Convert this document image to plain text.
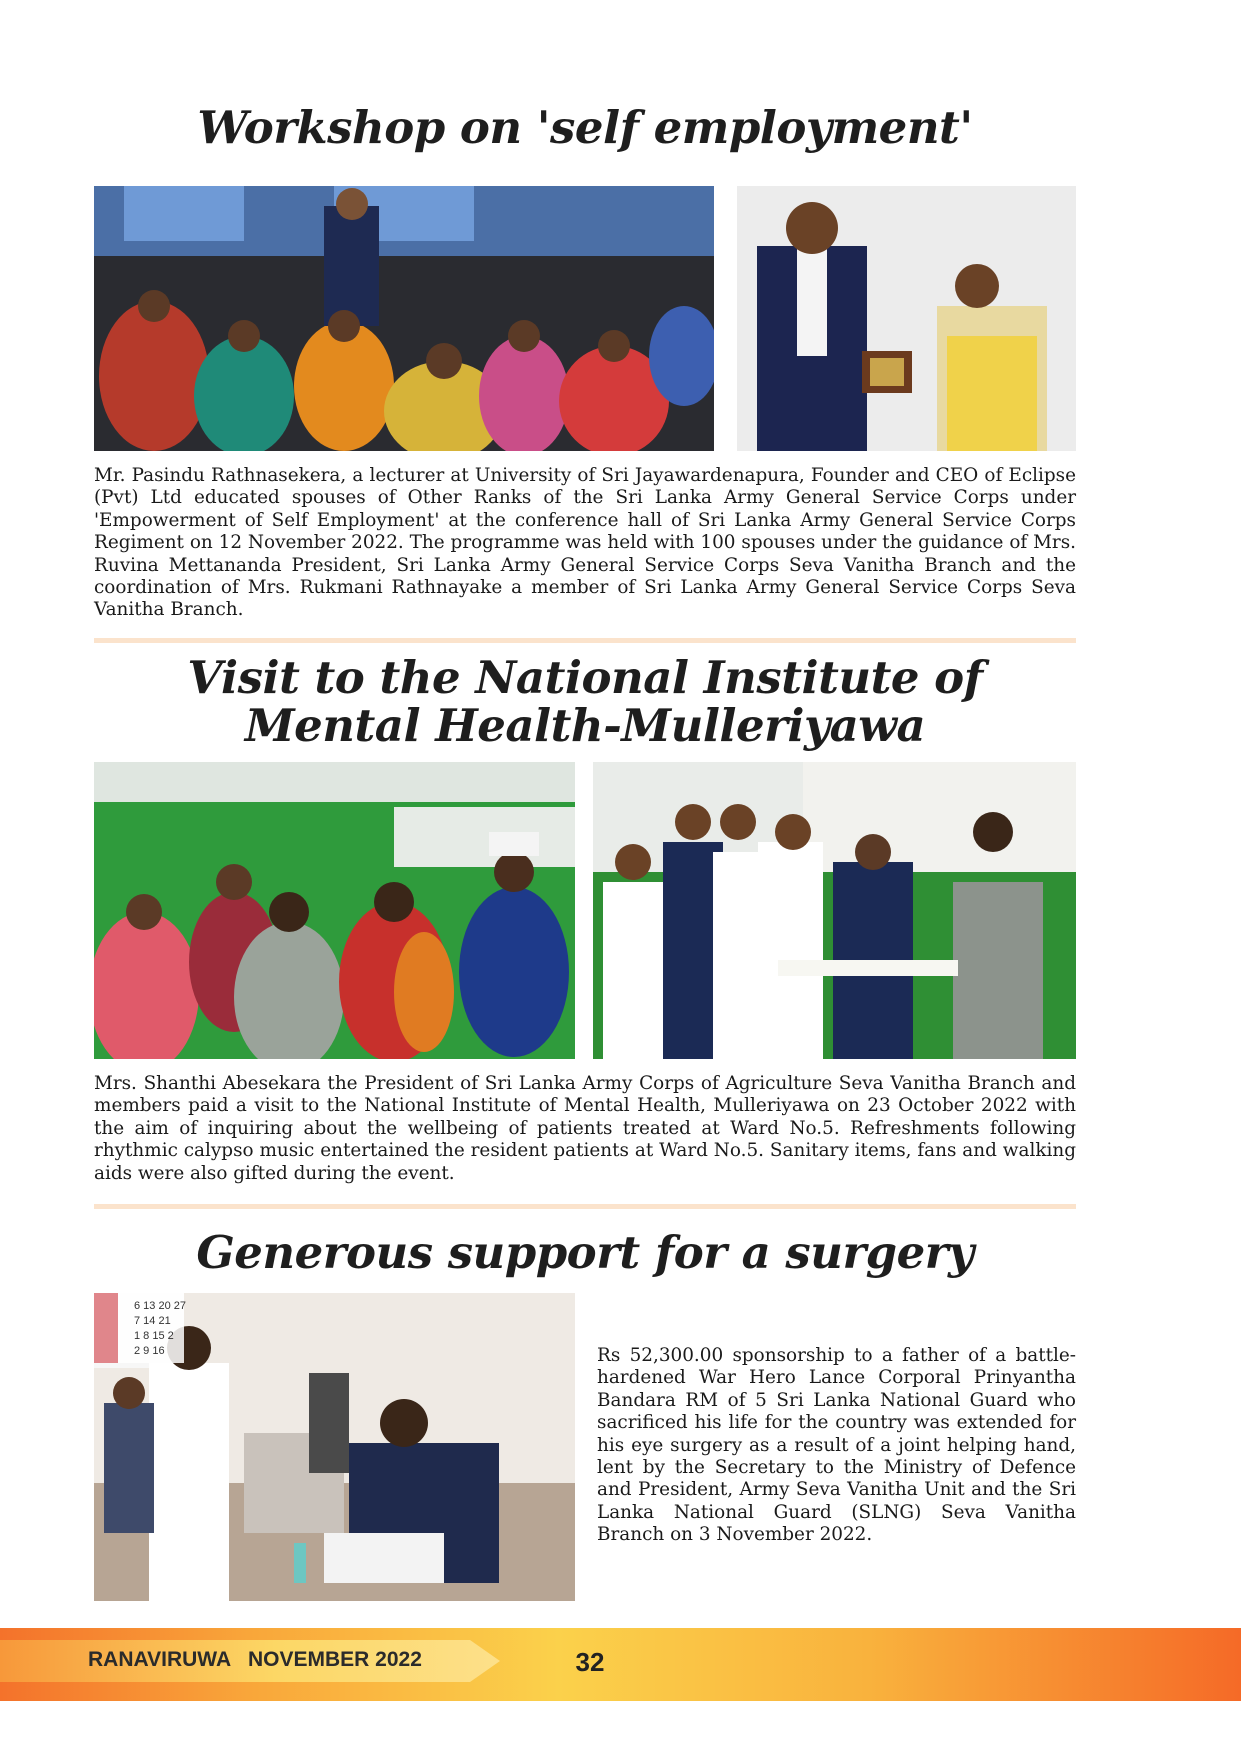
Workshop on 'self employment'

Mr. Pasindu Rathnasekera, a lecturer at University of Sri Jayawardenapura, Founder and CEO of Eclipse (Pvt) Ltd educated spouses of Other Ranks of the Sri Lanka Army General Service Corps under 'Empowerment of Self Employment' at the conference hall of Sri Lanka Army General Service Corps Regiment on 12 November 2022. The programme was held with 100 spouses under the guidance of Mrs. Ruvina Mettananda President, Sri Lanka Army General Service Corps Seva Vanitha Branch and the coordination of Mrs. Rukmani Rathnayake a member of Sri Lanka Army General Service Corps Seva Vanitha Branch.

Visit to the National Institute of
Mental Health-Mulleriyawa

Mrs. Shanthi Abesekara the President of Sri Lanka Army Corps of Agriculture Seva Vanitha Branch and members paid a visit to the National Institute of Mental Health, Mulleriyawa on 23 October 2022 with the aim of inquiring about the wellbeing of patients treated at Ward No.5. Refreshments following rhythmic calypso music entertained the resident patients at Ward No.5. Sanitary items, fans and walking aids were also gifted during the event.

Generous support for a surgery
6 13 20 27
7 14 21
1 8 15 2
2 9 16	Rs 52,300.00 sponsorship to a father of a battle-hardened War Hero Lance Corporal Prinyantha Bandara RM of 5 Sri Lanka National Guard who sacrificed his life for the country was extended for his eye surgery as a result of a joint helping hand, lent by the Secretary to the Ministry of Defence and President, Army Seva Vanitha Unit and the Sri Lanka National Guard (SLNG) Seva Vanitha Branch on 3 November 2022.

RANAVIRUWA NOVEMBER 2022	32
